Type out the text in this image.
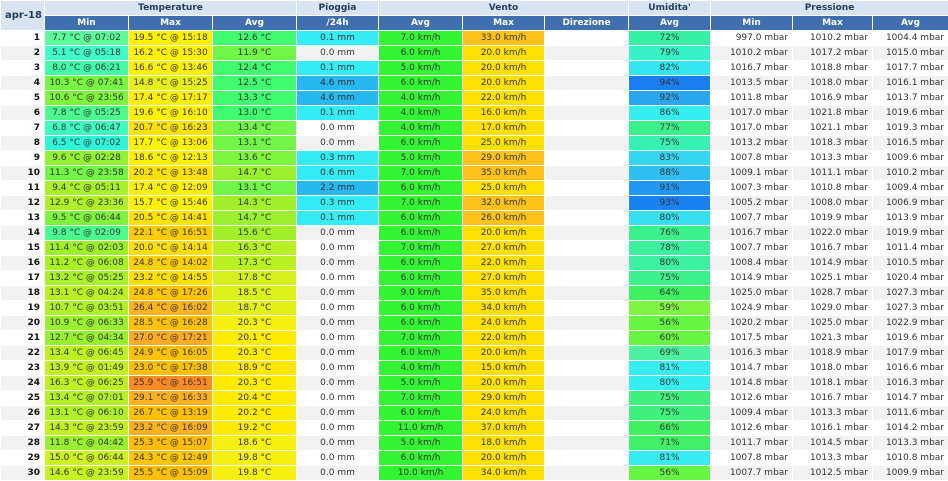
apr-18	Temperature			Pioggia	Vento			Umidita'	Pressione		
	Min	Max	Avg	/24h	Avg	Max	Direzione	Avg	Min	Max	Avg
1	7.7 °C @ 07:02	19.5 °C @ 15:18	12.6 °C	0.1 mm	7.0 km/h	33.0 km/h		72%	997.0 mbar	1010.2 mbar	1004.4 mbar
2	5.1 °C @ 05:18	16.2 °C @ 15:30	11.9 °C	0.0 mm	6.0 km/h	20.0 km/h		79%	1010.2 mbar	1017.2 mbar	1015.0 mbar
3	8.0 °C @ 06:21	16.6 °C @ 13:46	12.4 °C	0.1 mm	5.0 km/h	20.0 km/h		82%	1016.7 mbar	1018.8 mbar	1017.7 mbar
4	10.3 °C @ 07:41	14.8 °C @ 15:25	12.5 °C	4.6 mm	6.0 km/h	20.0 km/h		94%	1013.5 mbar	1018.0 mbar	1016.1 mbar
5	10.6 °C @ 23:56	17.4 °C @ 17:17	13.3 °C	4.6 mm	4.0 km/h	22.0 km/h		92%	1011.8 mbar	1016.9 mbar	1013.7 mbar
6	7.8 °C @ 05:25	19.6 °C @ 16:10	13.0 °C	0.1 mm	4.0 km/h	16.0 km/h		86%	1017.0 mbar	1021.8 mbar	1019.6 mbar
7	6.8 °C @ 06:47	20.7 °C @ 16:23	13.4 °C	0.0 mm	4.0 km/h	17.0 km/h		77%	1017.0 mbar	1021.1 mbar	1019.3 mbar
8	6.5 °C @ 07:02	17.7 °C @ 13:06	13.1 °C	0.0 mm	6.0 km/h	25.0 km/h		75%	1013.2 mbar	1018.3 mbar	1016.5 mbar
9	9.6 °C @ 02:28	18.6 °C @ 12:13	13.6 °C	0.3 mm	5.0 km/h	29.0 km/h		83%	1007.8 mbar	1013.3 mbar	1009.6 mbar
10	11.3 °C @ 23:58	20.2 °C @ 13:48	14.7 °C	0.6 mm	7.0 km/h	35.0 km/h		88%	1009.1 mbar	1011.1 mbar	1010.2 mbar
11	9.4 °C @ 05:11	17.4 °C @ 12:09	13.1 °C	2.2 mm	6.0 km/h	25.0 km/h		91%	1007.3 mbar	1010.8 mbar	1009.4 mbar
12	12.9 °C @ 23:36	15.7 °C @ 15:46	14.3 °C	0.3 mm	7.0 km/h	32.0 km/h		93%	1005.2 mbar	1008.0 mbar	1006.9 mbar
13	9.5 °C @ 06:44	20.5 °C @ 14:41	14.7 °C	0.1 mm	6.0 km/h	26.0 km/h		80%	1007.7 mbar	1019.9 mbar	1013.9 mbar
14	9.8 °C @ 02:09	22.1 °C @ 16:51	15.6 °C	0.0 mm	6.0 km/h	20.0 km/h		76%	1016.7 mbar	1022.0 mbar	1019.9 mbar
15	11.4 °C @ 02:03	20.0 °C @ 14:14	16.3 °C	0.0 mm	7.0 km/h	27.0 km/h		78%	1007.7 mbar	1016.7 mbar	1011.4 mbar
16	11.2 °C @ 06:08	24.8 °C @ 14:02	17.3 °C	0.0 mm	6.0 km/h	22.0 km/h		80%	1008.4 mbar	1014.9 mbar	1010.5 mbar
17	13.2 °C @ 05:25	23.2 °C @ 14:55	17.8 °C	0.0 mm	6.0 km/h	27.0 km/h		75%	1014.9 mbar	1025.1 mbar	1020.4 mbar
18	13.1 °C @ 04:24	24.8 °C @ 17:26	18.5 °C	0.0 mm	9.0 km/h	35.0 km/h		64%	1025.0 mbar	1028.7 mbar	1027.3 mbar
19	10.7 °C @ 03:51	26.4 °C @ 16:02	18.7 °C	0.0 mm	6.0 km/h	34.0 km/h		59%	1024.9 mbar	1029.0 mbar	1027.3 mbar
20	10.9 °C @ 06:33	28.5 °C @ 16:28	20.3 °C	0.0 mm	6.0 km/h	24.0 km/h		56%	1020.2 mbar	1025.0 mbar	1022.9 mbar
21	12.7 °C @ 04:34	27.0 °C @ 17:21	20.1 °C	0.0 mm	7.0 km/h	22.0 km/h		60%	1017.5 mbar	1021.3 mbar	1019.6 mbar
22	13.4 °C @ 06:45	24.9 °C @ 16:05	20.3 °C	0.0 mm	6.0 km/h	20.0 km/h		69%	1016.3 mbar	1018.9 mbar	1017.9 mbar
23	13.9 °C @ 01:49	23.0 °C @ 17:38	18.9 °C	0.0 mm	4.0 km/h	15.0 km/h		81%	1014.7 mbar	1018.0 mbar	1016.6 mbar
24	16.3 °C @ 06:25	25.9 °C @ 16:51	20.3 °C	0.0 mm	5.0 km/h	20.0 km/h		80%	1014.8 mbar	1018.1 mbar	1016.3 mbar
25	13.4 °C @ 07:01	29.1 °C @ 16:33	20.4 °C	0.0 mm	7.0 km/h	29.0 km/h		75%	1012.6 mbar	1016.7 mbar	1014.7 mbar
26	13.1 °C @ 06:10	26.7 °C @ 13:19	20.2 °C	0.0 mm	6.0 km/h	24.0 km/h		75%	1009.4 mbar	1013.3 mbar	1011.6 mbar
27	14.3 °C @ 23:59	23.2 °C @ 16:09	19.2 °C	0.0 mm	11.0 km/h	37.0 km/h		66%	1012.6 mbar	1016.1 mbar	1014.2 mbar
28	11.8 °C @ 04:42	25.3 °C @ 15:07	18.6 °C	0.0 mm	5.0 km/h	18.0 km/h		71%	1011.7 mbar	1014.5 mbar	1013.3 mbar
29	15.0 °C @ 06:44	24.3 °C @ 12:49	19.8 °C	0.0 mm	6.0 km/h	20.0 km/h		81%	1007.8 mbar	1013.3 mbar	1010.8 mbar
30	14.6 °C @ 23:59	25.5 °C @ 15:09	19.8 °C	0.0 mm	10.0 km/h	34.0 km/h		56%	1007.7 mbar	1012.5 mbar	1009.9 mbar
